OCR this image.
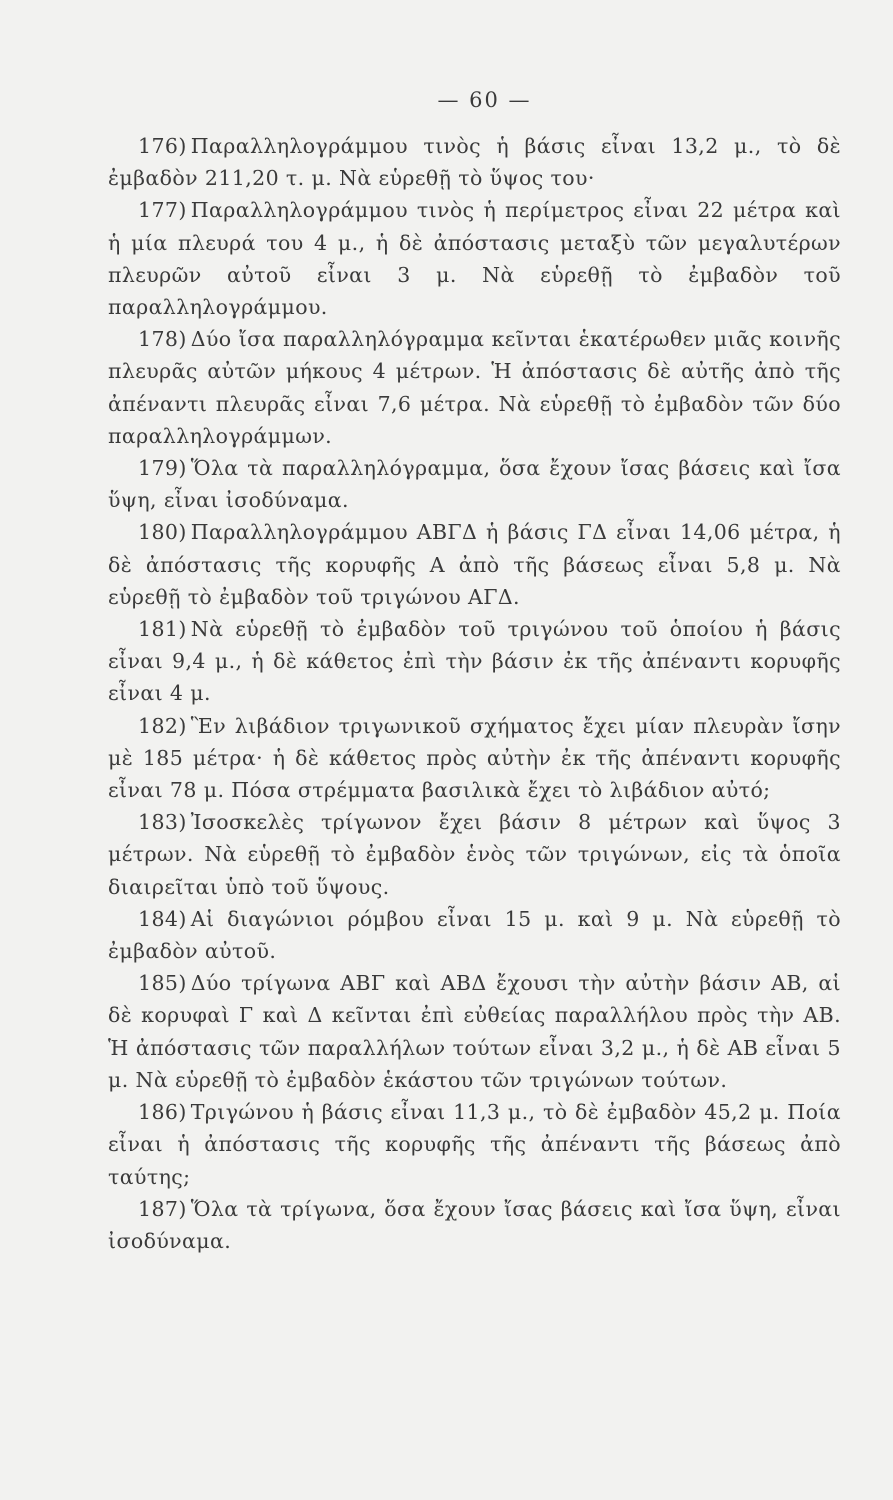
— 60 —

176) Παραλληλογράμμου τινὸς ἡ βάσις εἶναι 13,2 μ., τὸ δὲ ἐμβαδὸν 211,20 τ. μ. Νὰ εὑρεθῇ τὸ ὕψος του·

177) Παραλληλογράμμου τινὸς ἡ περίμετρος εἶναι 22 μέτρα καὶ ἡ μία πλευρά του 4 μ., ἡ δὲ ἀπόστασις μεταξὺ τῶν μεγαλυτέρων πλευρῶν αὐτοῦ εἶναι 3 μ. Νὰ εὑρεθῇ τὸ ἐμβαδὸν τοῦ παραλληλογράμμου.

178) Δύο ἴσα παραλληλόγραμμα κεῖνται ἑκατέρωθεν μιᾶς κοινῆς πλευρᾶς αὐτῶν μήκους 4 μέτρων. Ἡ ἀπόστασις δὲ αὐτῆς ἀπὸ τῆς ἀπέναντι πλευρᾶς εἶναι 7,6 μέτρα. Νὰ εὑρεθῇ τὸ ἐμβαδὸν τῶν δύο παραλληλογράμμων.

179) Ὅλα τὰ παραλληλόγραμμα, ὅσα ἔχουν ἴσας βάσεις καὶ ἴσα ὕψη, εἶναι ἰσοδύναμα.

180) Παραλληλογράμμου ΑΒΓΔ ἡ βάσις ΓΔ εἶναι 14,06 μέτρα, ἡ δὲ ἀπόστασις τῆς κορυφῆς Α ἀπὸ τῆς βάσεως εἶναι 5,8 μ. Νὰ εὑρεθῇ τὸ ἐμβαδὸν τοῦ τριγώνου ΑΓΔ.

181) Νὰ εὑρεθῇ τὸ ἐμβαδὸν τοῦ τριγώνου τοῦ ὁποίου ἡ βάσις εἶναι 9,4 μ., ἡ δὲ κάθετος ἐπὶ τὴν βάσιν ἐκ τῆς ἀπέναντι κορυφῆς εἶναι 4 μ.

182) Ἓν λιβάδιον τριγωνικοῦ σχήματος ἔχει μίαν πλευρὰν ἴσην μὲ 185 μέτρα· ἡ δὲ κάθετος πρὸς αὐτὴν ἐκ τῆς ἀπέναντι κορυφῆς εἶναι 78 μ. Πόσα στρέμματα βασιλικὰ ἔχει τὸ λιβάδιον αὐτό;

183) Ἰσοσκελὲς τρίγωνον ἔχει βάσιν 8 μέτρων καὶ ὕψος 3 μέτρων. Νὰ εὑρεθῇ τὸ ἐμβαδὸν ἑνὸς τῶν τριγώνων, εἰς τὰ ὁποῖα διαιρεῖται ὑπὸ τοῦ ὕψους.

184) Αἱ διαγώνιοι ρόμβου εἶναι 15 μ. καὶ 9 μ. Νὰ εὑρεθῇ τὸ ἐμβαδὸν αὐτοῦ.

185) Δύο τρίγωνα ΑΒΓ καὶ ΑΒΔ ἔχουσι τὴν αὐτὴν βάσιν ΑΒ, αἱ δὲ κορυφαὶ Γ καὶ Δ κεῖνται ἐπὶ εὐθείας παραλλήλου πρὸς τὴν ΑΒ. Ἡ ἀπόστασις τῶν παραλλήλων τούτων εἶναι 3,2 μ., ἡ δὲ ΑΒ εἶναι 5 μ. Νὰ εὑρεθῇ τὸ ἐμβαδὸν ἑκάστου τῶν τριγώνων τούτων.

186) Τριγώνου ἡ βάσις εἶναι 11,3 μ., τὸ δὲ ἐμβαδὸν 45,2 μ. Ποία εἶναι ἡ ἀπόστασις τῆς κορυφῆς τῆς ἀπέναντι τῆς βάσεως ἀπὸ ταύτης;

187) Ὅλα τὰ τρίγωνα, ὅσα ἔχουν ἴσας βάσεις καὶ ἴσα ὕψη, εἶναι ἰσοδύναμα.
